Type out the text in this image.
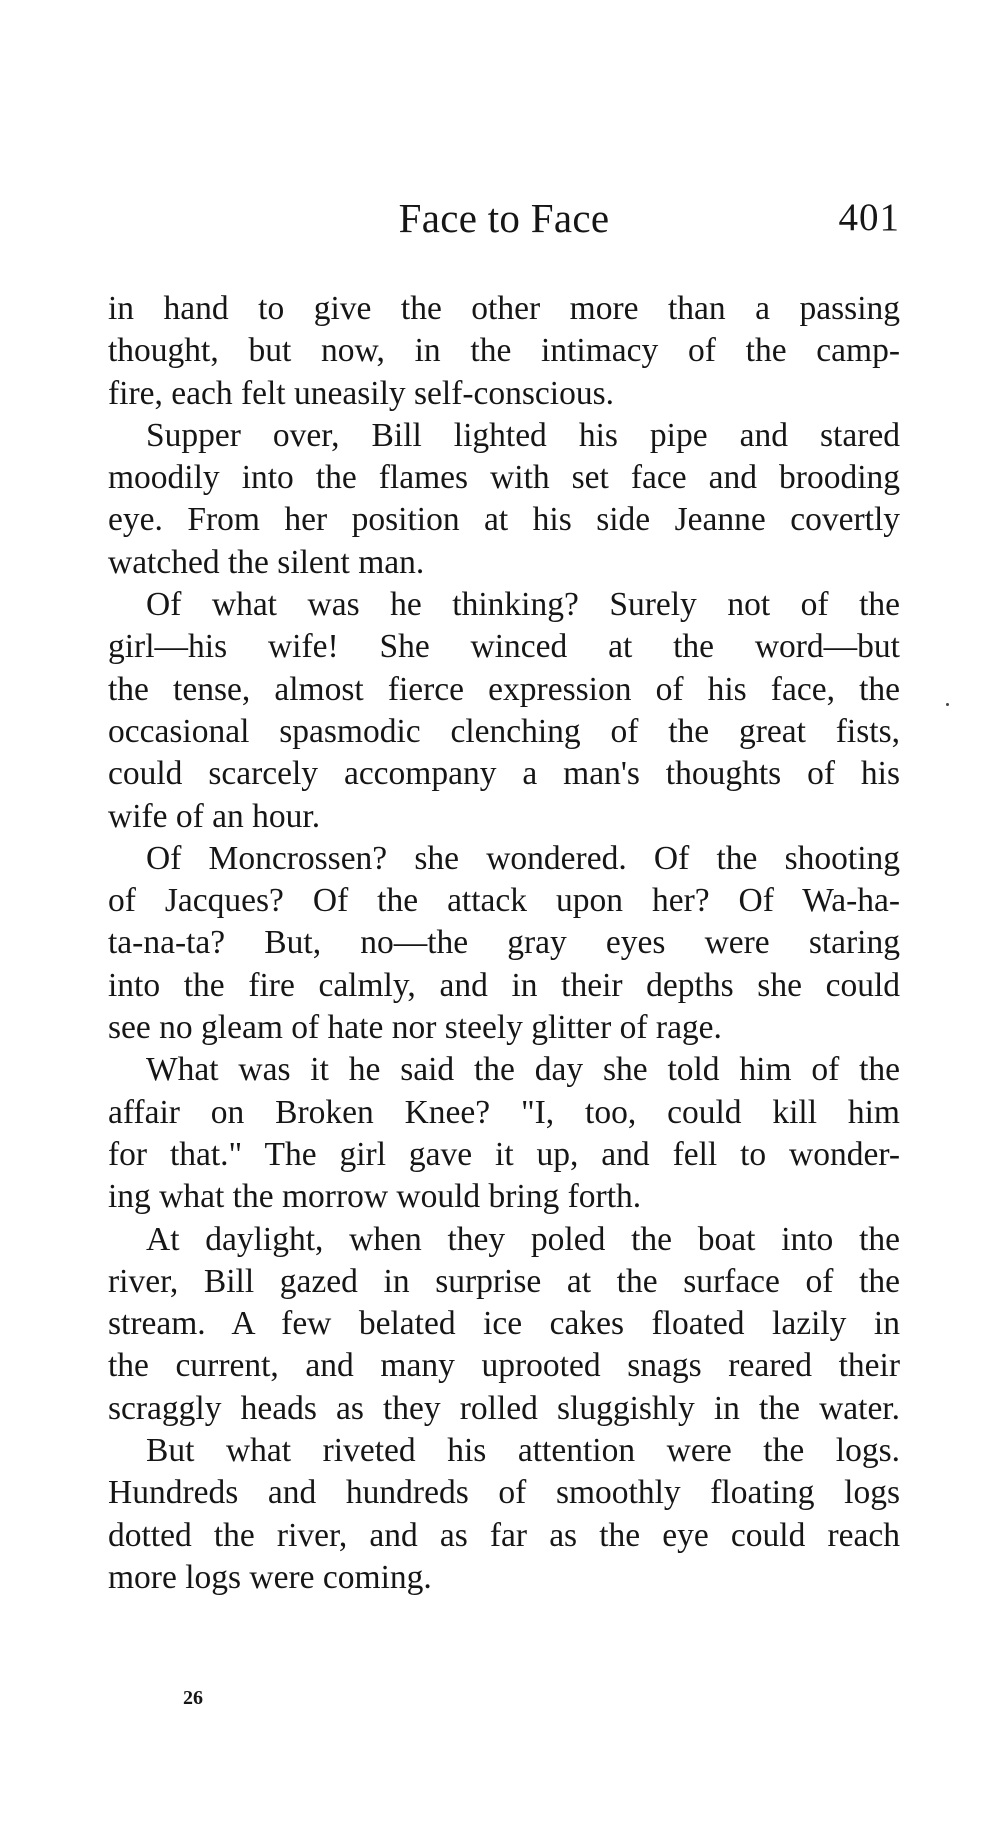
Face to Face	401
in hand to give the other more than a passing
thought, but now, in the intimacy of the camp-
fire, each felt uneasily self-conscious.
Supper over, Bill lighted his pipe and stared
moodily into the flames with set face and brooding
eye. From her position at his side Jeanne covertly
watched the silent man.
Of what was he thinking? Surely not of the
girl—his wife! She winced at the word—but
the tense, almost fierce expression of his face, the
occasional spasmodic clenching of the great fists,
could scarcely accompany a man's thoughts of his
wife of an hour.
Of Moncrossen? she wondered. Of the shooting
of Jacques? Of the attack upon her? Of Wa-ha-
ta-na-ta? But, no—the gray eyes were staring
into the fire calmly, and in their depths she could
see no gleam of hate nor steely glitter of rage.
What was it he said the day she told him of the
affair on Broken Knee? "I, too, could kill him
for that." The girl gave it up, and fell to wonder-
ing what the morrow would bring forth.
At daylight, when they poled the boat into the
river, Bill gazed in surprise at the surface of the
stream. A few belated ice cakes floated lazily in
the current, and many uprooted snags reared their
scraggly heads as they rolled sluggishly in the water.
But what riveted his attention were the logs.
Hundreds and hundreds of smoothly floating logs
dotted the river, and as far as the eye could reach
more logs were coming.
26
